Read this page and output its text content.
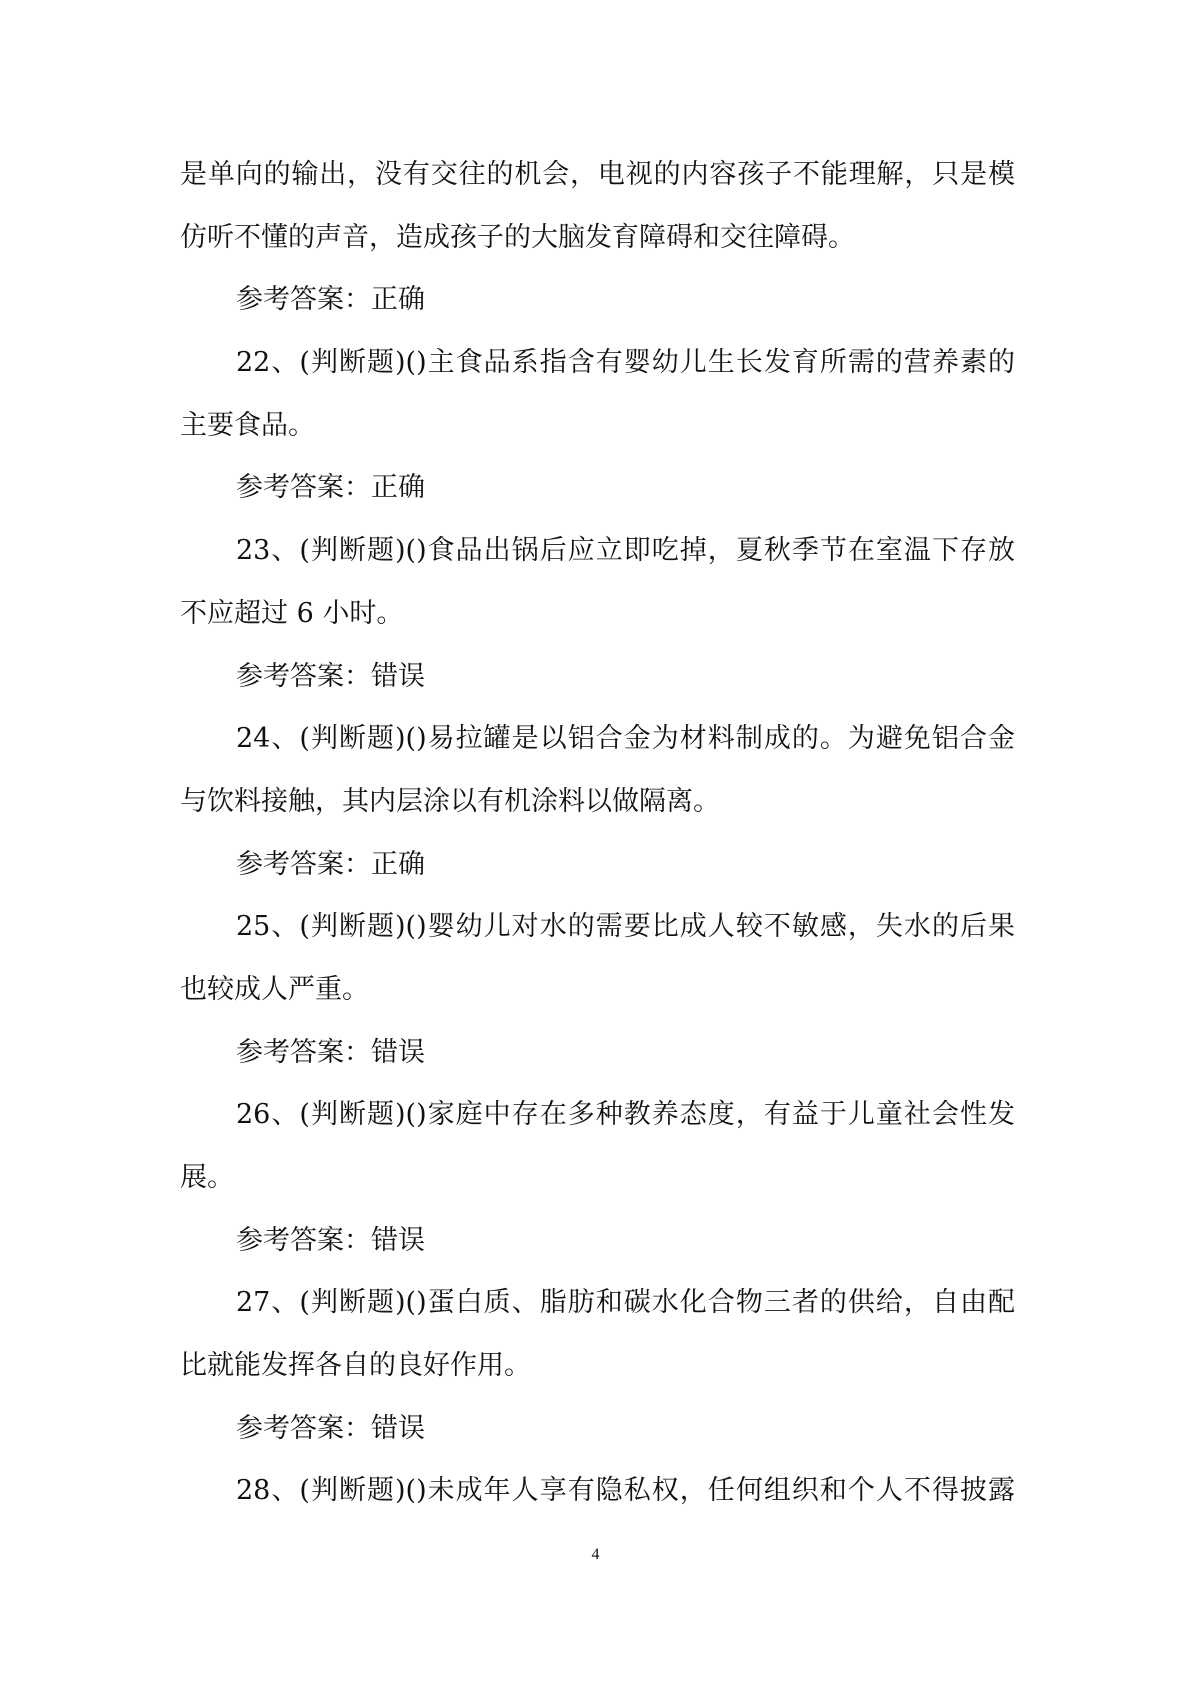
是单向的输出，没有交往的机会，电视的内容孩子不能理解，只是模
仿听不懂的声音，造成孩子的大脑发育障碍和交往障碍。
参考答案：正确
22、(判断题)()主食品系指含有婴幼儿生长发育所需的营养素的
主要食品。
参考答案：正确
23、(判断题)()食品出锅后应立即吃掉，夏秋季节在室温下存放
不应超过 6 小时。
参考答案：错误
24、(判断题)()易拉罐是以铝合金为材料制成的。为避免铝合金
与饮料接触，其内层涂以有机涂料以做隔离。
参考答案：正确
25、(判断题)()婴幼儿对水的需要比成人较不敏感，失水的后果
也较成人严重。
参考答案：错误
26、(判断题)()家庭中存在多种教养态度，有益于儿童社会性发
展。
参考答案：错误
27、(判断题)()蛋白质、脂肪和碳水化合物三者的供给，自由配
比就能发挥各自的良好作用。
参考答案：错误
28、(判断题)()未成年人享有隐私权，任何组织和个人不得披露
4
